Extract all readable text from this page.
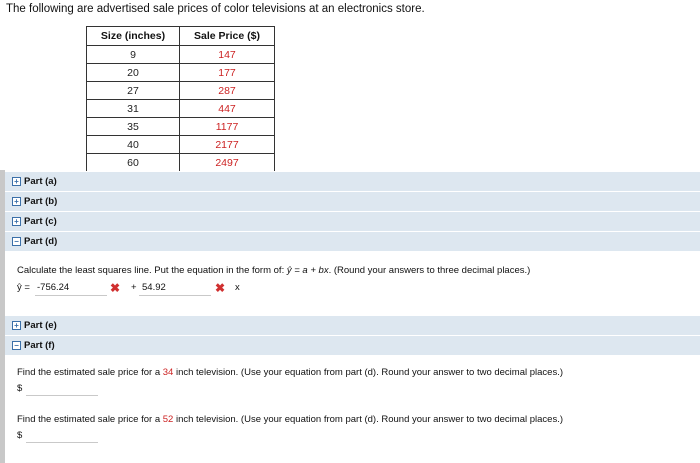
The following are advertised sale prices of color televisions at an electronics store.
Size (inches)	Sale Price ($)
9	147
20	177
27	287
31	447
35	1177
40	2177
60	2497
+ Part (a)
+ Part (b)
+ Part (c)
− Part (d)
Calculate the least squares line. Put the equation in the form of: ŷ = a + bx. (Round your answers to three decimal places.)
ŷ = -756.24	✖ + 54.92	✖ x
+ Part (e)
− Part (f)
Find the estimated sale price for a 34 inch television. (Use your equation from part (d). Round your answer to two decimal places.)
$
Find the estimated sale price for a 52 inch television. (Use your equation from part (d). Round your answer to two decimal places.)
$
